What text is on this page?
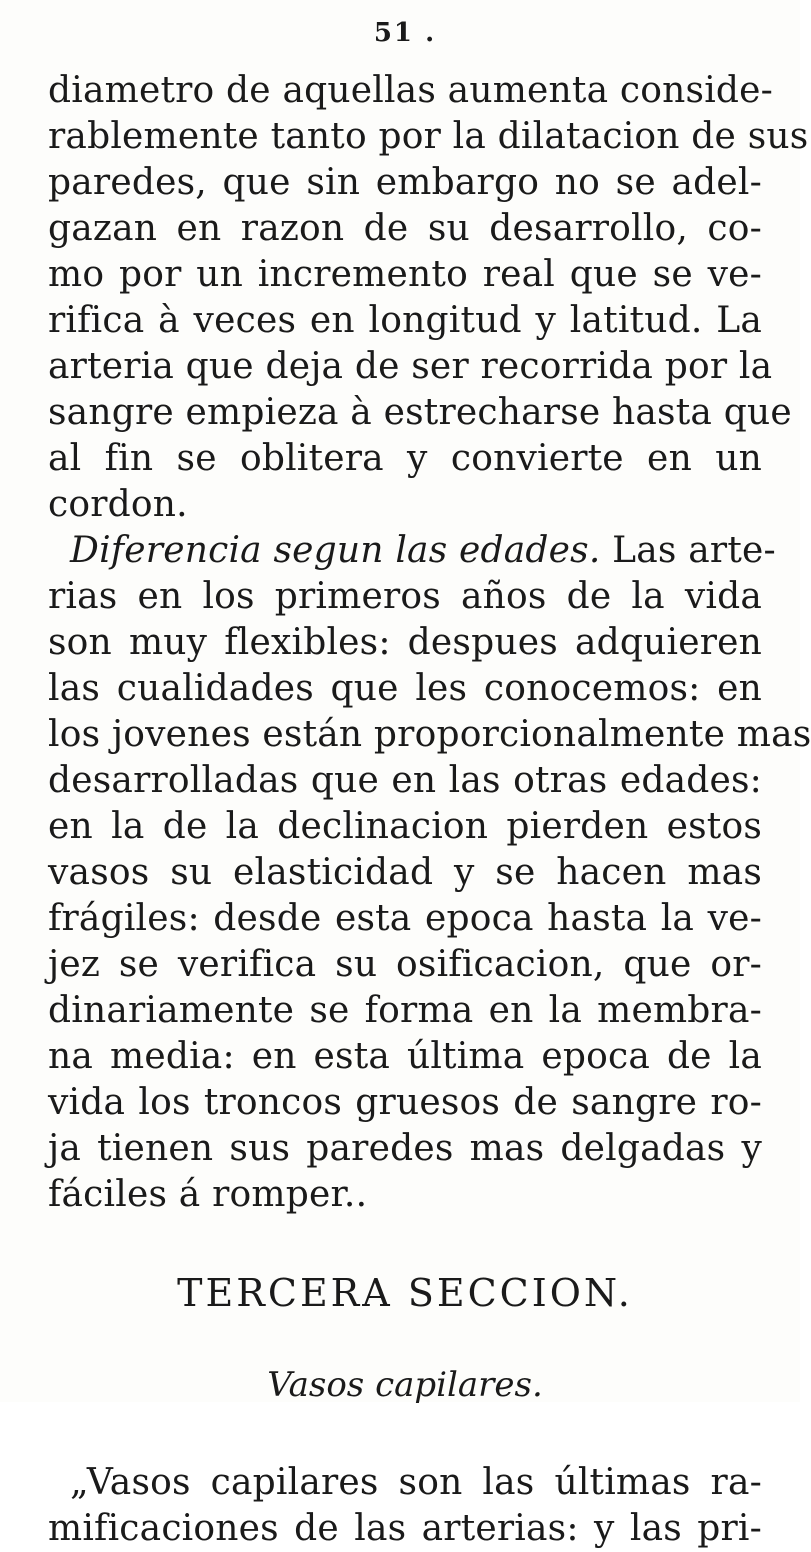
51 .
diametro de aquellas aumenta conside-
rablemente tanto por la dilatacion de sus
paredes, que sin embargo no se adel-
gazan en razon de su desarrollo, co-
mo por un incremento real que se ve-
rifica à veces en longitud y latitud. La
arteria que deja de ser recorrida por la
sangre empieza à estrecharse hasta que
al fin se oblitera y convierte en un
cordon.
Diferencia segun las edades. Las arte-
rias en los primeros años de la vida
son muy flexibles: despues adquieren
las cualidades que les conocemos: en
los jovenes están proporcionalmente mas
desarrolladas que en las otras edades:
en la de la declinacion pierden estos
vasos su elasticidad y se hacen mas
frágiles: desde esta epoca hasta la ve-
jez se verifica su osificacion, que or-
dinariamente se forma en la membra-
na media: en esta última epoca de la
vida los troncos gruesos de sangre ro-
ja tienen sus paredes mas delgadas y
fáciles á romper..
TERCERA SECCION.
Vasos capilares.
„Vasos capilares son las últimas ra-
mificaciones de las arterias: y las pri-
